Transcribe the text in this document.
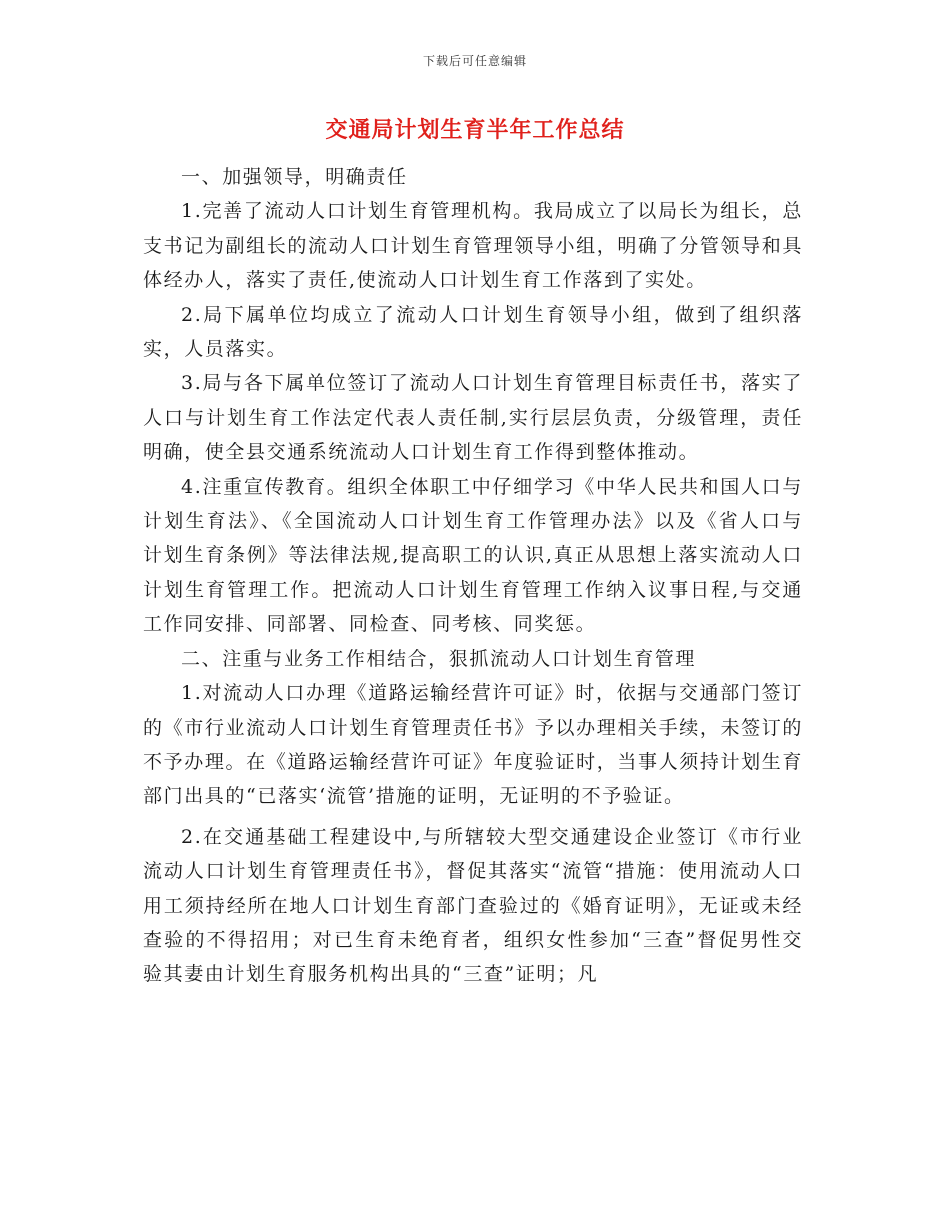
下载后可任意编辑
交通局计划生育半年工作总结

一、加强领导，明确责任

1.完善了流动人口计划生育管理机构。我局成立了以局长为组长，总支书记为副组长的流动人口计划生育管理领导小组，明确了分管领导和具体经办人，落实了责任,使流动人口计划生育工作落到了实处。

2.局下属单位均成立了流动人口计划生育领导小组，做到了组织落实，人员落实。

3.局与各下属单位签订了流动人口计划生育管理目标责任书，落实了人口与计划生育工作法定代表人责任制,实行层层负责，分级管理，责任明确，使全县交通系统流动人口计划生育工作得到整体推动。

4.注重宣传教育。组织全体职工中仔细学习《中华人民共和国人口与计划生育法》、《全国流动人口计划生育工作管理办法》以及《省人口与计划生育条例》等法律法规,提高职工的认识,真正从思想上落实流动人口计划生育管理工作。把流动人口计划生育管理工作纳入议事日程,与交通工作同安排、同部署、同检查、同考核、同奖惩。

二、注重与业务工作相结合，狠抓流动人口计划生育管理

1.对流动人口办理《道路运输经营许可证》时，依据与交通部门签订的《市行业流动人口计划生育管理责任书》予以办理相关手续，未签订的不予办理。在《道路运输经营许可证》年度验证时，当事人须持计划生育部门出具的“已落实‘流管’措施的证明，无证明的不予验证。

2.在交通基础工程建设中,与所辖较大型交通建设企业签订《市行业流动人口计划生育管理责任书》，督促其落实“流管“措施：使用流动人口用工须持经所在地人口计划生育部门查验过的《婚育证明》，无证或未经查验的不得招用；对已生育未绝育者，组织女性参加“三查”督促男性交验其妻由计划生育服务机构出具的“三查”证明；凡
